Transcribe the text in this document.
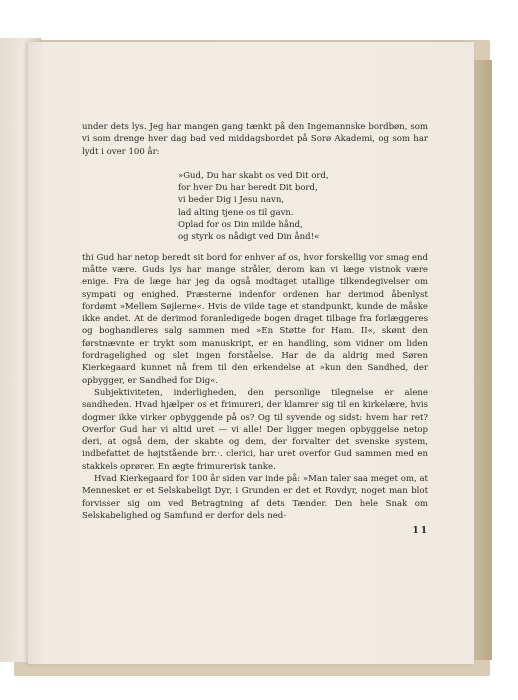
under dets lys. Jeg har mangen gang tænkt på den Ingemannske bordbøn, som vi som drenge hver dag bad ved middagsbordet på Sorø Akademi, og som har lydt i over 100 år:

»Gud, Du har skabt os ved Dit ord,
for hver Du har beredt Dit bord,
vi beder Dig i Jesu navn,
lad alting tjene os til gavn.
Oplad for os Din milde hånd,
og styrk os nådigt ved Din ånd!«

thi Gud har netop beredt sit bord for enhver af os, hvor forskellig vor smag end måtte være. Guds lys har mange stråler, derom kan vi læge vistnok være enige. Fra de læge har jeg da også modtaget utallige tilkendegivelser om sympati og enighed. Præsterne indenfor ordenen har derimod åbenlyst fordømt »Mellem Søjlerne«. Hvis de vilde tage et standpunkt, kunde de måske ikke andet. At de derimod foranledigede bogen draget tilbage fra forlæggeres og boghandleres salg sammen med »En Støtte for Ham. II«, skønt den førstnævnte er trykt som manuskript, er en handling, som vidner om liden fordragelighed og slet ingen forståelse. Har de da aldrig med Søren Kierkegaard kunnet nå frem til den erkendelse at »kun den Sandhed, der opbygger, er Sandhed for Dig«.

Subjektiviteten, inderligheden, den personlige tilegnelse er alene sandheden. Hvad hjælper os et frimureri, der klamrer sig til en kirkelære, hvis dogmer ikke virker opbyggende på os? Og til syvende og sidst: hvem har ret? Overfor Gud har vi altid uret — vi alle! Der ligger megen opbyggelse netop deri, at også dem, der skabte og dem, der forvalter det svenske system, indbefattet de højtstående brr.·. clerici, har uret overfor Gud sammen med en stakkels oprører. En ægte frimurerisk tanke.

Hvad Kierkegaard for 100 år siden var inde på: »Man taler saa meget om, at Mennesket er et Selskabeligt Dyr, i Grunden er det et Rovdyr, noget man blot forvisser sig om ved Betragtning af dets Tænder. Den hele Snak om Selskabelighed og Samfund er derfor dels ned-

11
